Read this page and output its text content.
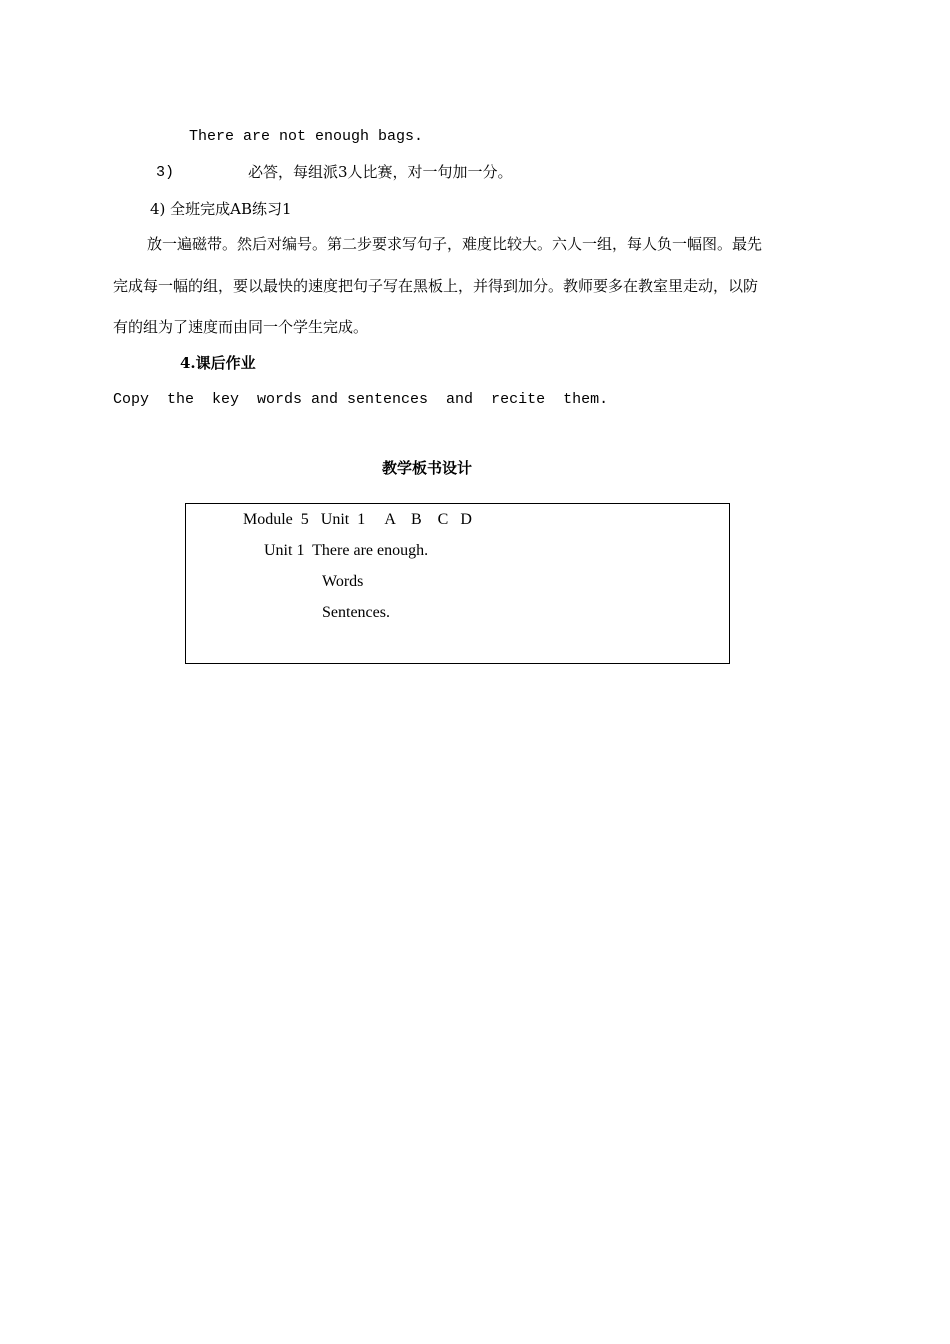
There are not enough bags.
3)	必答，每组派3人比赛，对一句加一分。
4) 全班完成AB练习1
放一遍磁带。然后对编号。第二步要求写句子，难度比较大。六人一组，每人负一幅图。最先
完成每一幅的组，要以最快的速度把句子写在黑板上，并得到加分。教师要多在教室里走动，以防
有的组为了速度而由同一个学生完成。
4.课后作业
Copy  the  key  words and sentences  and  recite  them.
教学板书设计
Module  5   Unit  1     A    B    C   D
Unit 1  There are enough.
Words
Sentences.
